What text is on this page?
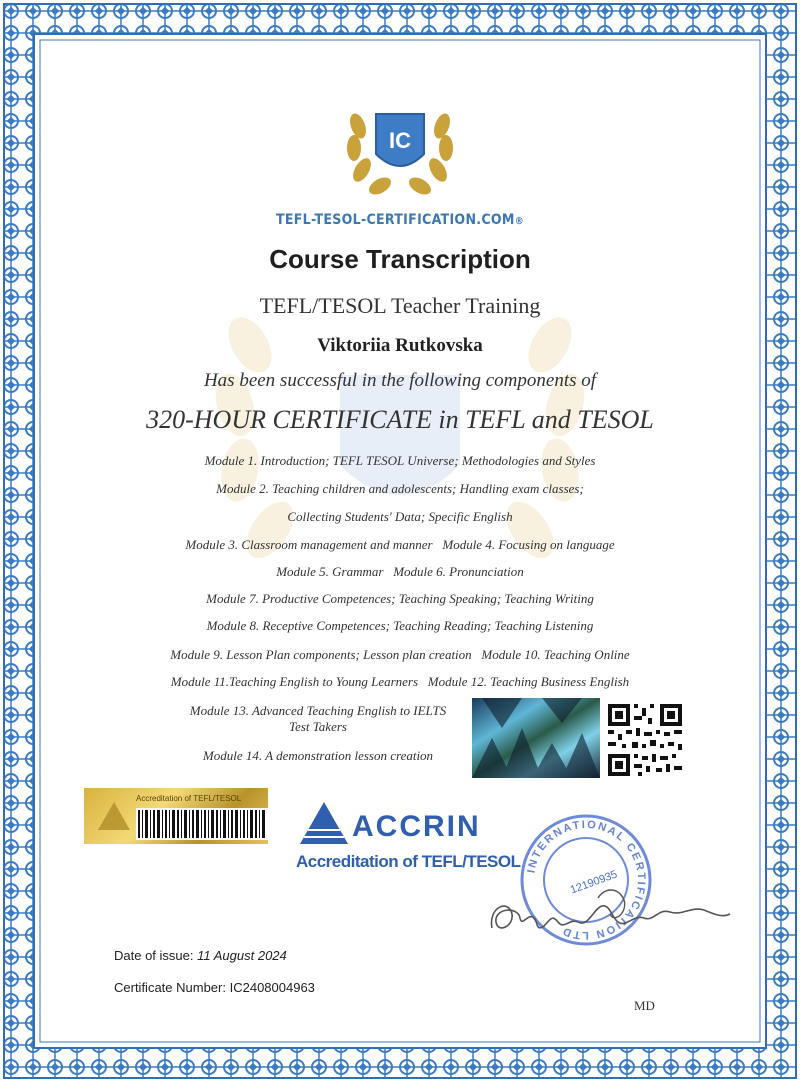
IC
TEFL-TESOL-CERTIFICATION.COM®
Course Transcription
TEFL/TESOL Teacher Training
Viktoriia Rutkovska
Has been successful in the following components of
320-HOUR CERTIFICATE in TEFL and TESOL
Module 1. Introduction; TEFL TESOL Universe; Methodologies and Styles
Module 2. Teaching children and adolescents; Handling exam classes;
Collecting Students' Data; Specific English
Module 3. Classroom management and manner   Module 4. Focusing on language
Module 5. Grammar   Module 6. Pronunciation
Module 7. Productive Competences; Teaching Speaking; Teaching Writing
Module 8. Receptive Competences; Teaching Reading; Teaching Listening
Module 9. Lesson Plan components; Lesson plan creation   Module 10. Teaching Online
Module 11.Teaching English to Young Learners   Module 12. Teaching Business English
Module 13. Advanced Teaching English to IELTS
Test Takers
Module 14. A demonstration lesson creation
Accreditation of TEFL/TESOL
ACCRIN
Accreditation of TEFL/TESOL INTERNATIONAL CERTIFICATION LTD
12190935
Date of issue: 11 August 2024
Certificate Number: IC2408004963
MD
